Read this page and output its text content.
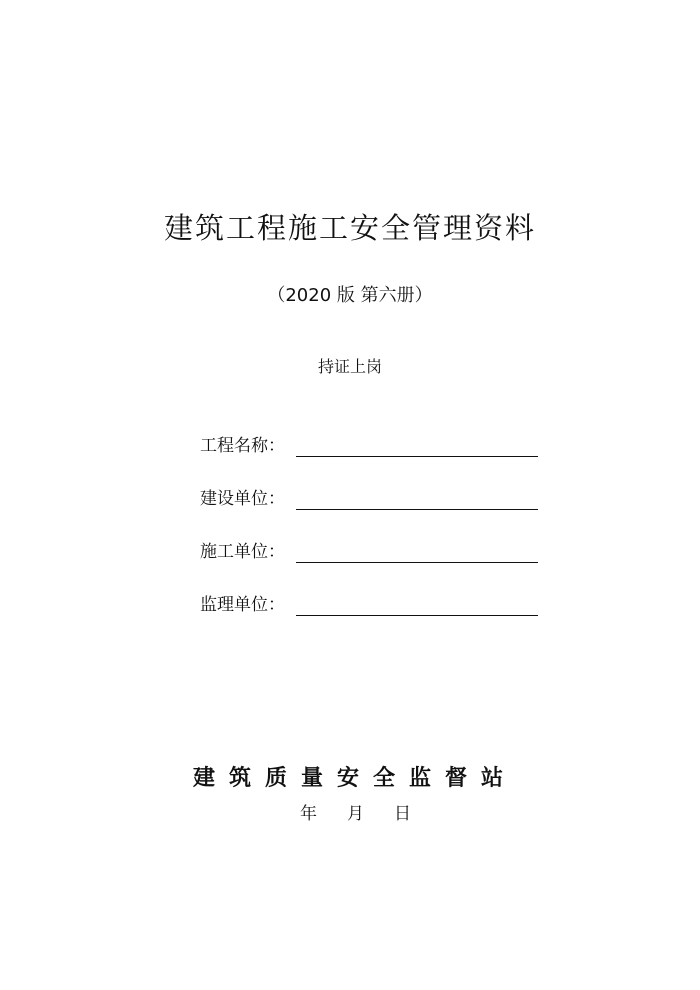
建筑工程施工安全管理资料
（2020 版 第六册）
持证上岗
工程名称：
建设单位：
施工单位：
监理单位：
建筑质量安全监督站
年 月 日
